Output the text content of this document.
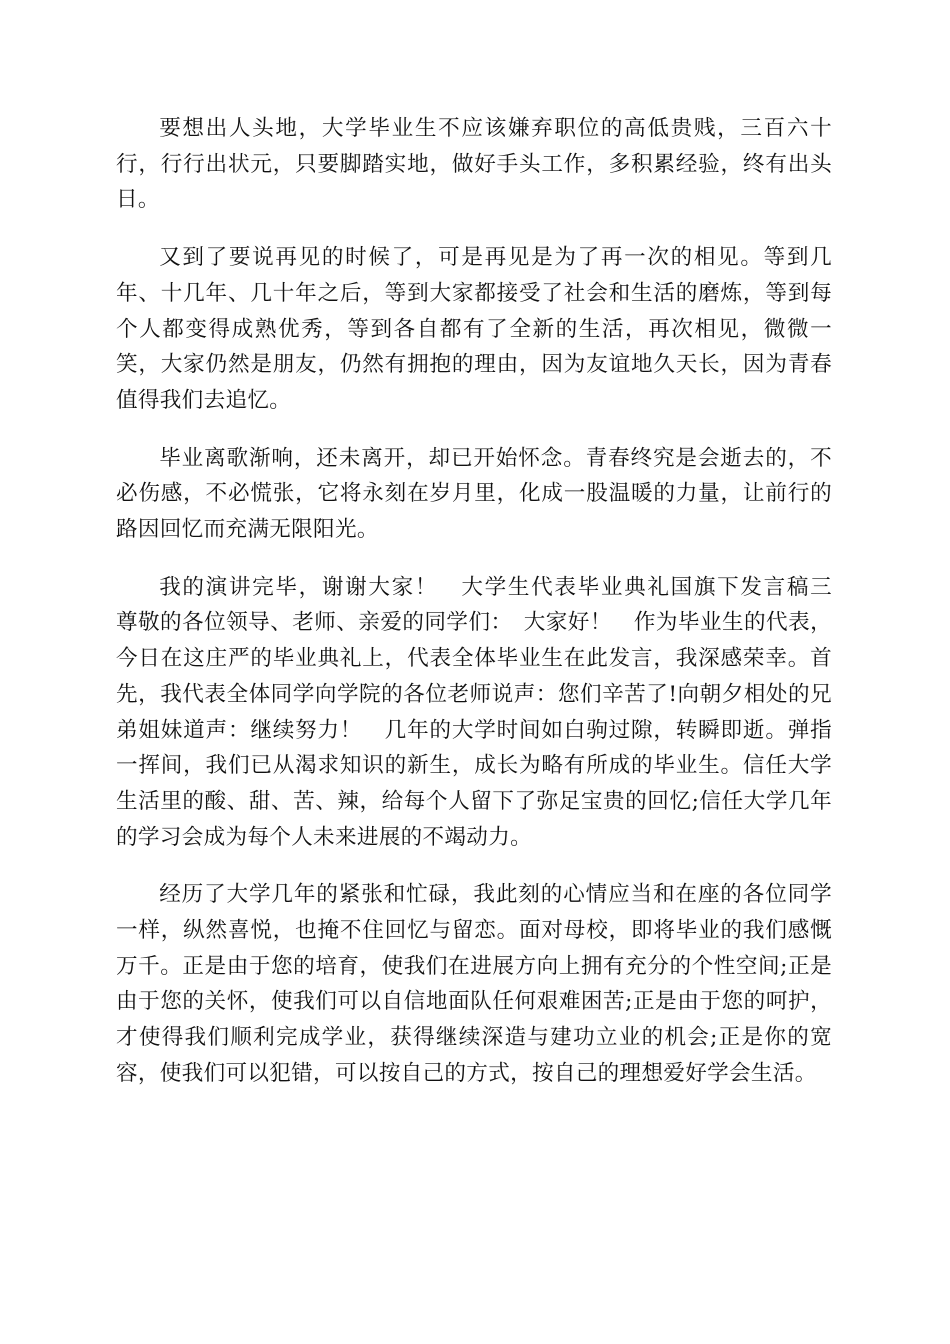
要想出人头地，大学毕业生不应该嫌弃职位的高低贵贱，三百六十行，行行出状元，只要脚踏实地，做好手头工作，多积累经验，终有出头日。

又到了要说再见的时候了，可是再见是为了再一次的相见。等到几年、十几年、几十年之后，等到大家都接受了社会和生活的磨炼，等到每个人都变得成熟优秀，等到各自都有了全新的生活，再次相见，微微一笑，大家仍然是朋友，仍然有拥抱的理由，因为友谊地久天长，因为青春值得我们去追忆。

毕业离歌渐响，还未离开，却已开始怀念。青春终究是会逝去的，不必伤感，不必慌张，它将永刻在岁月里，化成一股温暖的力量，让前行的路因回忆而充满无限阳光。

我的演讲完毕，谢谢大家！　大学生代表毕业典礼国旗下发言稿三　尊敬的各位领导、老师、亲爱的同学们：　大家好！　作为毕业生的代表，今日在这庄严的毕业典礼上，代表全体毕业生在此发言，我深感荣幸。首先，我代表全体同学向学院的各位老师说声：您们辛苦了!向朝夕相处的兄弟姐妹道声：继续努力！　几年的大学时间如白驹过隙，转瞬即逝。弹指一挥间，我们已从渴求知识的新生，成长为略有所成的毕业生。信任大学生活里的酸、甜、苦、辣，给每个人留下了弥足宝贵的回忆;信任大学几年的学习会成为每个人未来进展的不竭动力。

经历了大学几年的紧张和忙碌，我此刻的心情应当和在座的各位同学一样，纵然喜悦，也掩不住回忆与留恋。面对母校，即将毕业的我们感慨万千。正是由于您的培育，使我们在进展方向上拥有充分的个性空间;正是由于您的关怀，使我们可以自信地面队任何艰难困苦;正是由于您的呵护，才使得我们顺利完成学业，获得继续深造与建功立业的机会;正是你的宽容，使我们可以犯错，可以按自己的方式，按自己的理想爱好学会生活。
